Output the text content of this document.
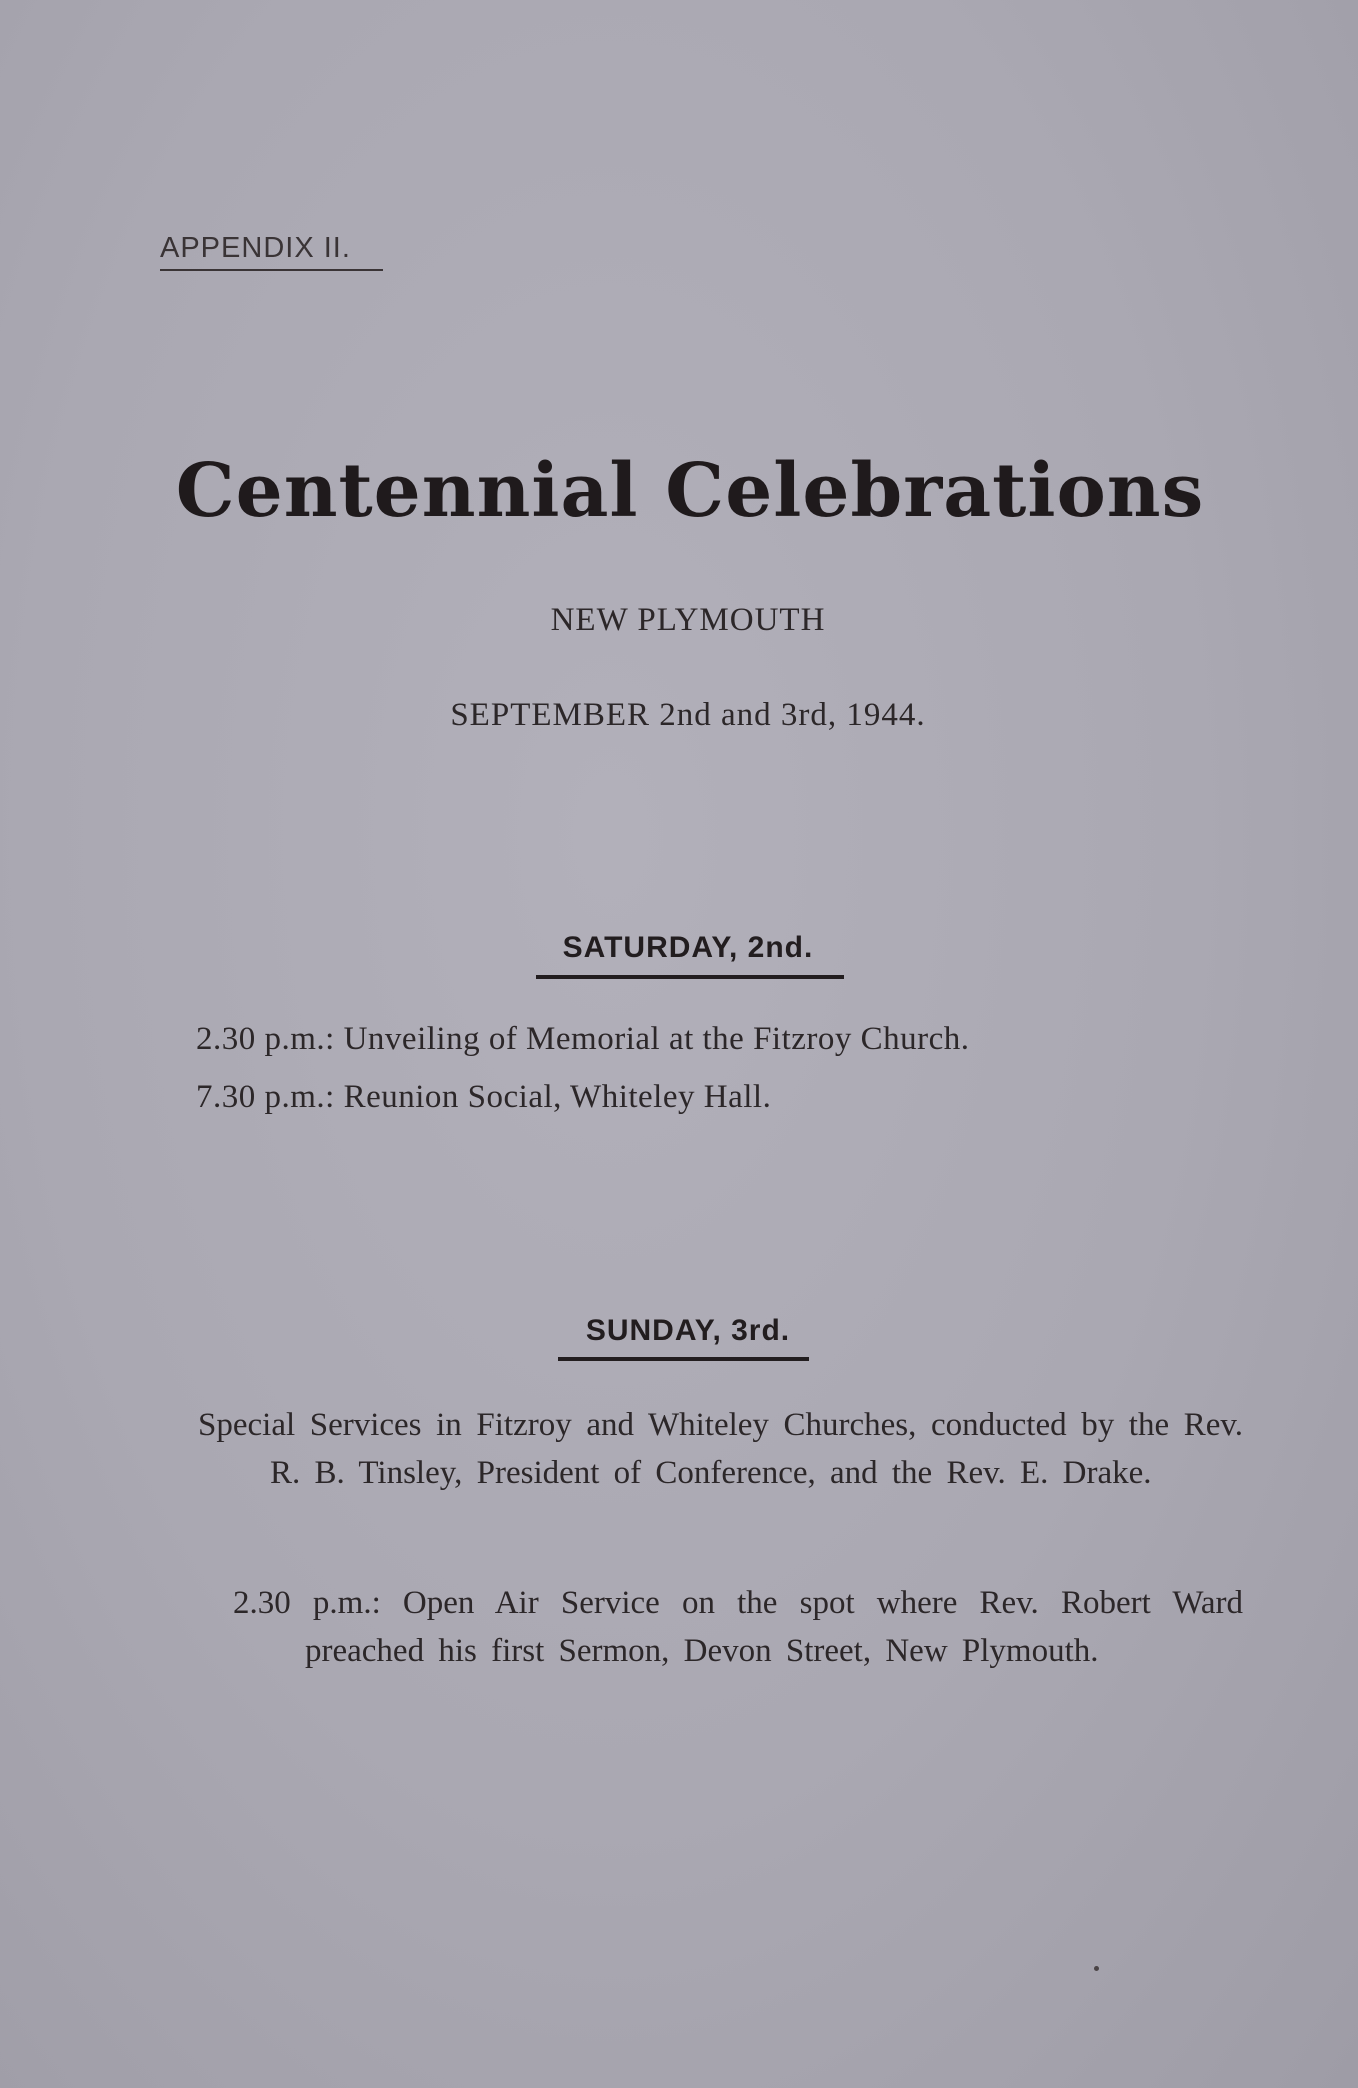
APPENDIX II.
Centennial Celebrations
NEW PLYMOUTH
SEPTEMBER 2nd and 3rd, 1944.
SATURDAY, 2nd.
2.30 p.m.: Unveiling of Memorial at the Fitzroy Church.
7.30 p.m.: Reunion Social, Whiteley Hall.
SUNDAY, 3rd.
Special Services in Fitzroy and Whiteley Churches, conducted by the Rev. R. B. Tinsley, President of Conference, and the Rev. E. Drake.
2.30 p.m.: Open Air Service on the spot where Rev. Robert Ward preached his first Sermon, Devon Street, New Plymouth.
